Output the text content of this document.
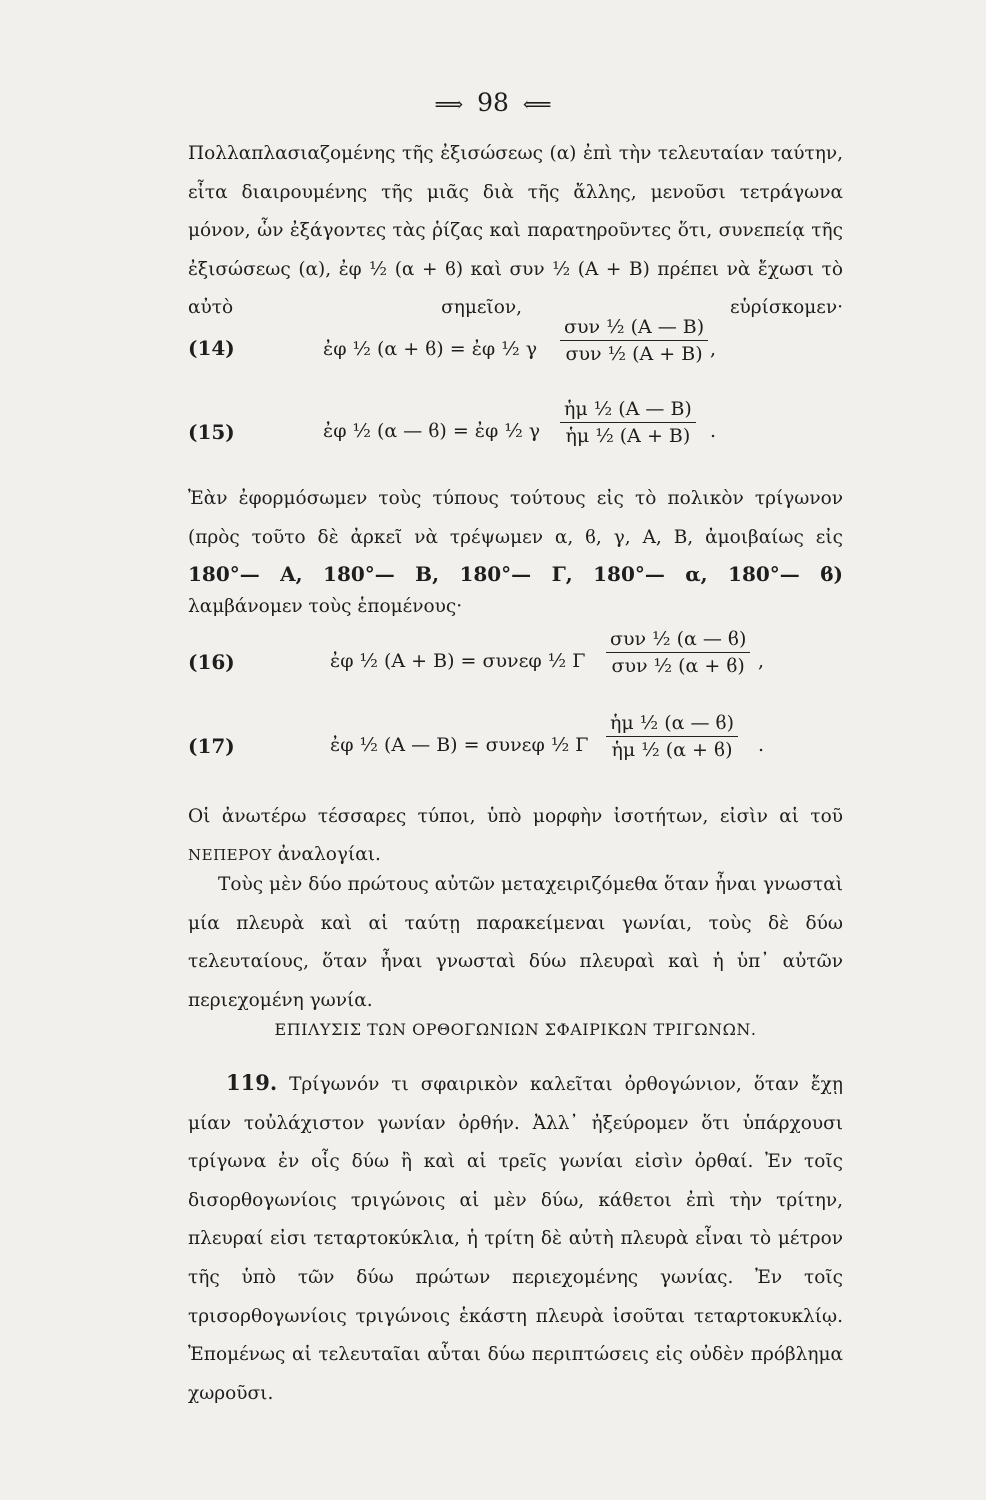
⟹ 98 ⟸
Πολλαπλασιαζομένης τῆς ἐξισώσεως (α) ἐπὶ τὴν τελευταίαν ταύτην, εἶτα διαιρουμένης τῆς μιᾶς διὰ τῆς ἄλλης, μενοῦσι τετράγωνα μόνον, ὧν ἐξάγοντες τὰς ῥίζας καὶ παρατηροῦντες ὅτι, συνεπείᾳ τῆς ἐξισώσεως (α), ἐφ ½ (α + ϐ) καὶ συν ½ (Α + Β) πρέπει νὰ ἔχωσι τὸ αὐτὸ σημεῖον, εὑρίσκομεν·
(14)	ἐφ ½ (α + ϐ) = ἐφ ½ γ
συν ½ (Α — Β)
συν ½ (Α + Β) ,
(15)	ἐφ ½ (α — ϐ) = ἐφ ½ γ $\frac{\text{ἡμ ½ (Α — Β)}}{\text{ἡμ ½ (Α + Β)}}$ .
Ἐὰν ἐφορμόσωμεν τοὺς τύπους τούτους εἰς τὸ πολικὸν τρίγωνον (πρὸς τοῦτο δὲ ἀρκεῖ νὰ τρέψωμεν α, ϐ, γ, Α, Β, ἀμοιβαίως εἰς
180°— Α, 180°— Β, 180°— Γ, 180°— α, 180°— ϐ)
λαμβάνομεν τοὺς ἑπομένους·
(16)	ἐφ ½ (Α + Β) = συνεφ ½ Γ
συν ½ (α — ϐ)
συν ½ (α + ϐ) ,
(17)	ἐφ ½ (Α — Β) = συνεφ ½ Γ $\frac{\text{ἡμ ½ (α — ϐ)}}{\text{ἡμ ½ (α + ϐ)}}$ .
Οἱ ἀνωτέρω τέσσαρες τύποι, ὑπὸ μορφὴν ἰσοτήτων, εἰσὶν αἱ τοῦ
ΝΕΠΕΡΟΥ ἀναλογίαι.
Τοὺς μὲν δύο πρώτους αὐτῶν μεταχειριζόμεθα ὅταν ἦναι γνωσταὶ μία πλευρὰ καὶ αἱ ταύτῃ παρακείμεναι γωνίαι, τοὺς δὲ δύω τελευταίους, ὅταν ἦναι γνωσταὶ δύω πλευραὶ καὶ ἡ ὑπ᾽ αὐτῶν περιεχομένη γωνία.
ΕΠΙΛΥΣΙΣ ΤΩΝ ΟΡΘΟΓΩΝΙΩΝ ΣΦΑΙΡΙΚΩΝ ΤΡΙΓΩΝΩΝ.
119. Τρίγωνόν τι σφαιρικὸν καλεῖται ὀρθογώνιον, ὅταν ἔχῃ μίαν τοὐλάχιστον γωνίαν ὀρθήν. Ἀλλ᾽ ἠξεύρομεν ὅτι ὑπάρχουσι τρίγωνα ἐν οἷς δύω ἢ καὶ αἱ τρεῖς γωνίαι εἰσὶν ὀρθαί. Ἐν τοῖς δισορθογωνίοις τριγώνοις αἱ μὲν δύω, κάθετοι ἐπὶ τὴν τρίτην, πλευραί εἰσι τεταρτοκύκλια, ἡ τρίτη δὲ αὐτὴ πλευρὰ εἶναι τὸ μέτρον τῆς ὑπὸ τῶν δύω πρώτων περιεχομένης γωνίας. Ἐν τοῖς τρισορθογωνίοις τριγώνοις ἑκάστη πλευρὰ ἰσοῦται τεταρτοκυκλίῳ. Ἐπομένως αἱ τελευταῖαι αὗται δύω περιπτώσεις εἰς οὐδὲν πρόβλημα χωροῦσι.
